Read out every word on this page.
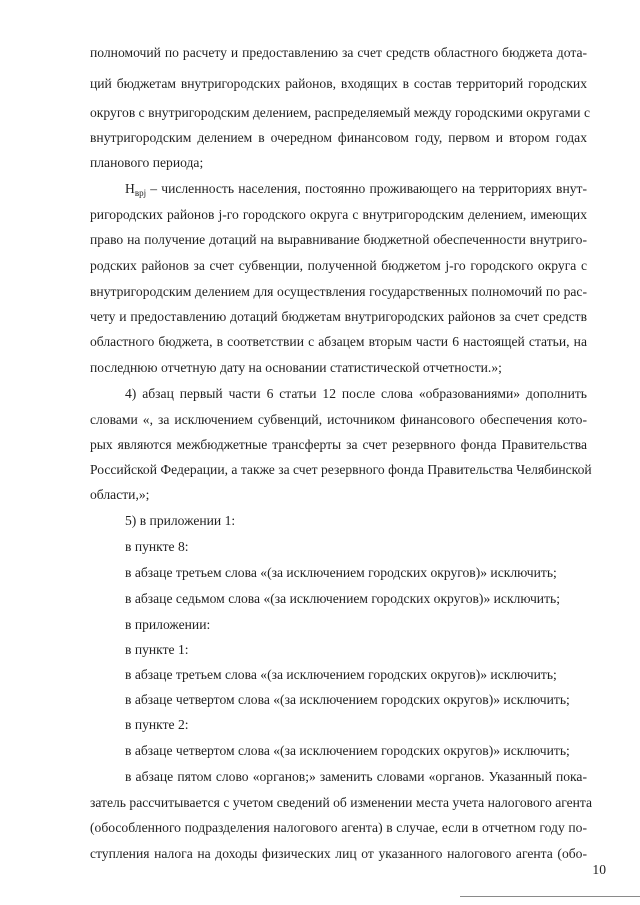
полномочий по расчету и предоставлению за счет средств областного бюджета дота-
ций бюджетам внутригородских районов, входящих в состав территорий городских
округов с внутригородским делением, распределяемый между городскими округами с
внутригородским делением в очередном финансовом году, первом и втором годах
планового периода;
$Н_{врj}$ – численность населения, постоянно проживающего на территориях внут-
ригородских районов j-го городского округа с внутригородским делением, имеющих
право на получение дотаций на выравнивание бюджетной обеспеченности внутриго-
родских районов за счет субвенции, полученной бюджетом j-го городского округа с
внутригородским делением для осуществления государственных полномочий по рас-
чету и предоставлению дотаций бюджетам внутригородских районов за счет средств
областного бюджета, в соответствии с абзацем вторым части 6 настоящей статьи, на
последнюю отчетную дату на основании статистической отчетности.»;
4) абзац первый части 6 статьи 12 после слова «образованиями» дополнить
словами «, за исключением субвенций, источником финансового обеспечения кото-
рых являются межбюджетные трансферты за счет резервного фонда Правительства
Российской Федерации, а также за счет резервного фонда Правительства Челябинской
области,»;
5) в приложении 1:
в пункте 8:
в абзаце третьем слова «(за исключением городских округов)» исключить;
в абзаце седьмом слова «(за исключением городских округов)» исключить;
в приложении:
в пункте 1:
в абзаце третьем слова «(за исключением городских округов)» исключить;
в абзаце четвертом слова «(за исключением городских округов)» исключить;
в пункте 2:
в абзаце четвертом слова «(за исключением городских округов)» исключить;
в абзаце пятом слово «органов;» заменить словами «органов. Указанный пока-
затель рассчитывается с учетом сведений об изменении места учета налогового агента
(обособленного подразделения налогового агента) в случае, если в отчетном году по-
ступления налога на доходы физических лиц от указанного налогового агента (обо-
10
